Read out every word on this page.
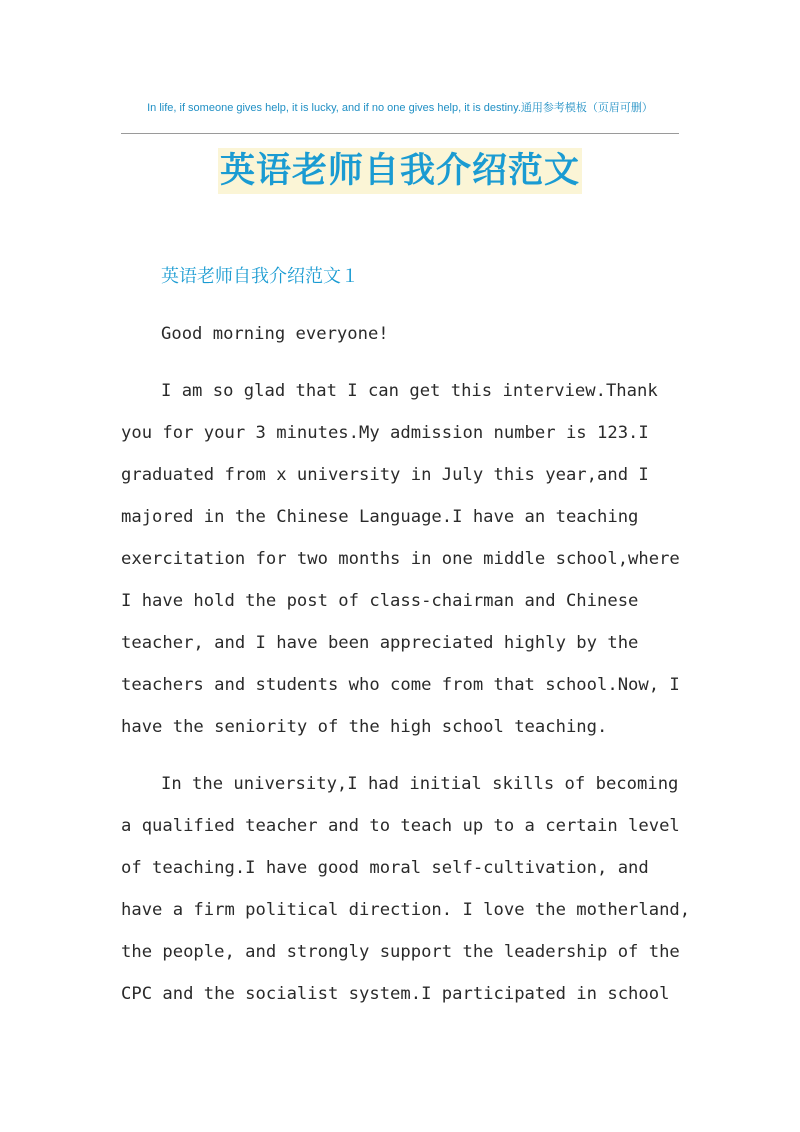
In life, if someone gives help, it is lucky, and if no one gives help, it is destiny.通用参考模板（页眉可删）
英语老师自我介绍范文
英语老师自我介绍范文１
Good morning everyone!
I am so glad that I can get this interview.Thank
you for your 3 minutes.My admission number is 123.I
graduated from x university in July this year,and I
majored in the Chinese Language.I have an teaching
exercitation for two months in one middle school,where
I have hold the post of class-chairman and Chinese
teacher, and I have been appreciated highly by the
teachers and students who come from that school.Now, I
have the seniority of the high school teaching.
In the university,I had initial skills of becoming
a qualified teacher and to teach up to a certain level
of teaching.I have good moral self-cultivation, and
have a firm political direction. I love the motherland,
the people, and strongly support the leadership of the
CPC and the socialist system.I participated in school
